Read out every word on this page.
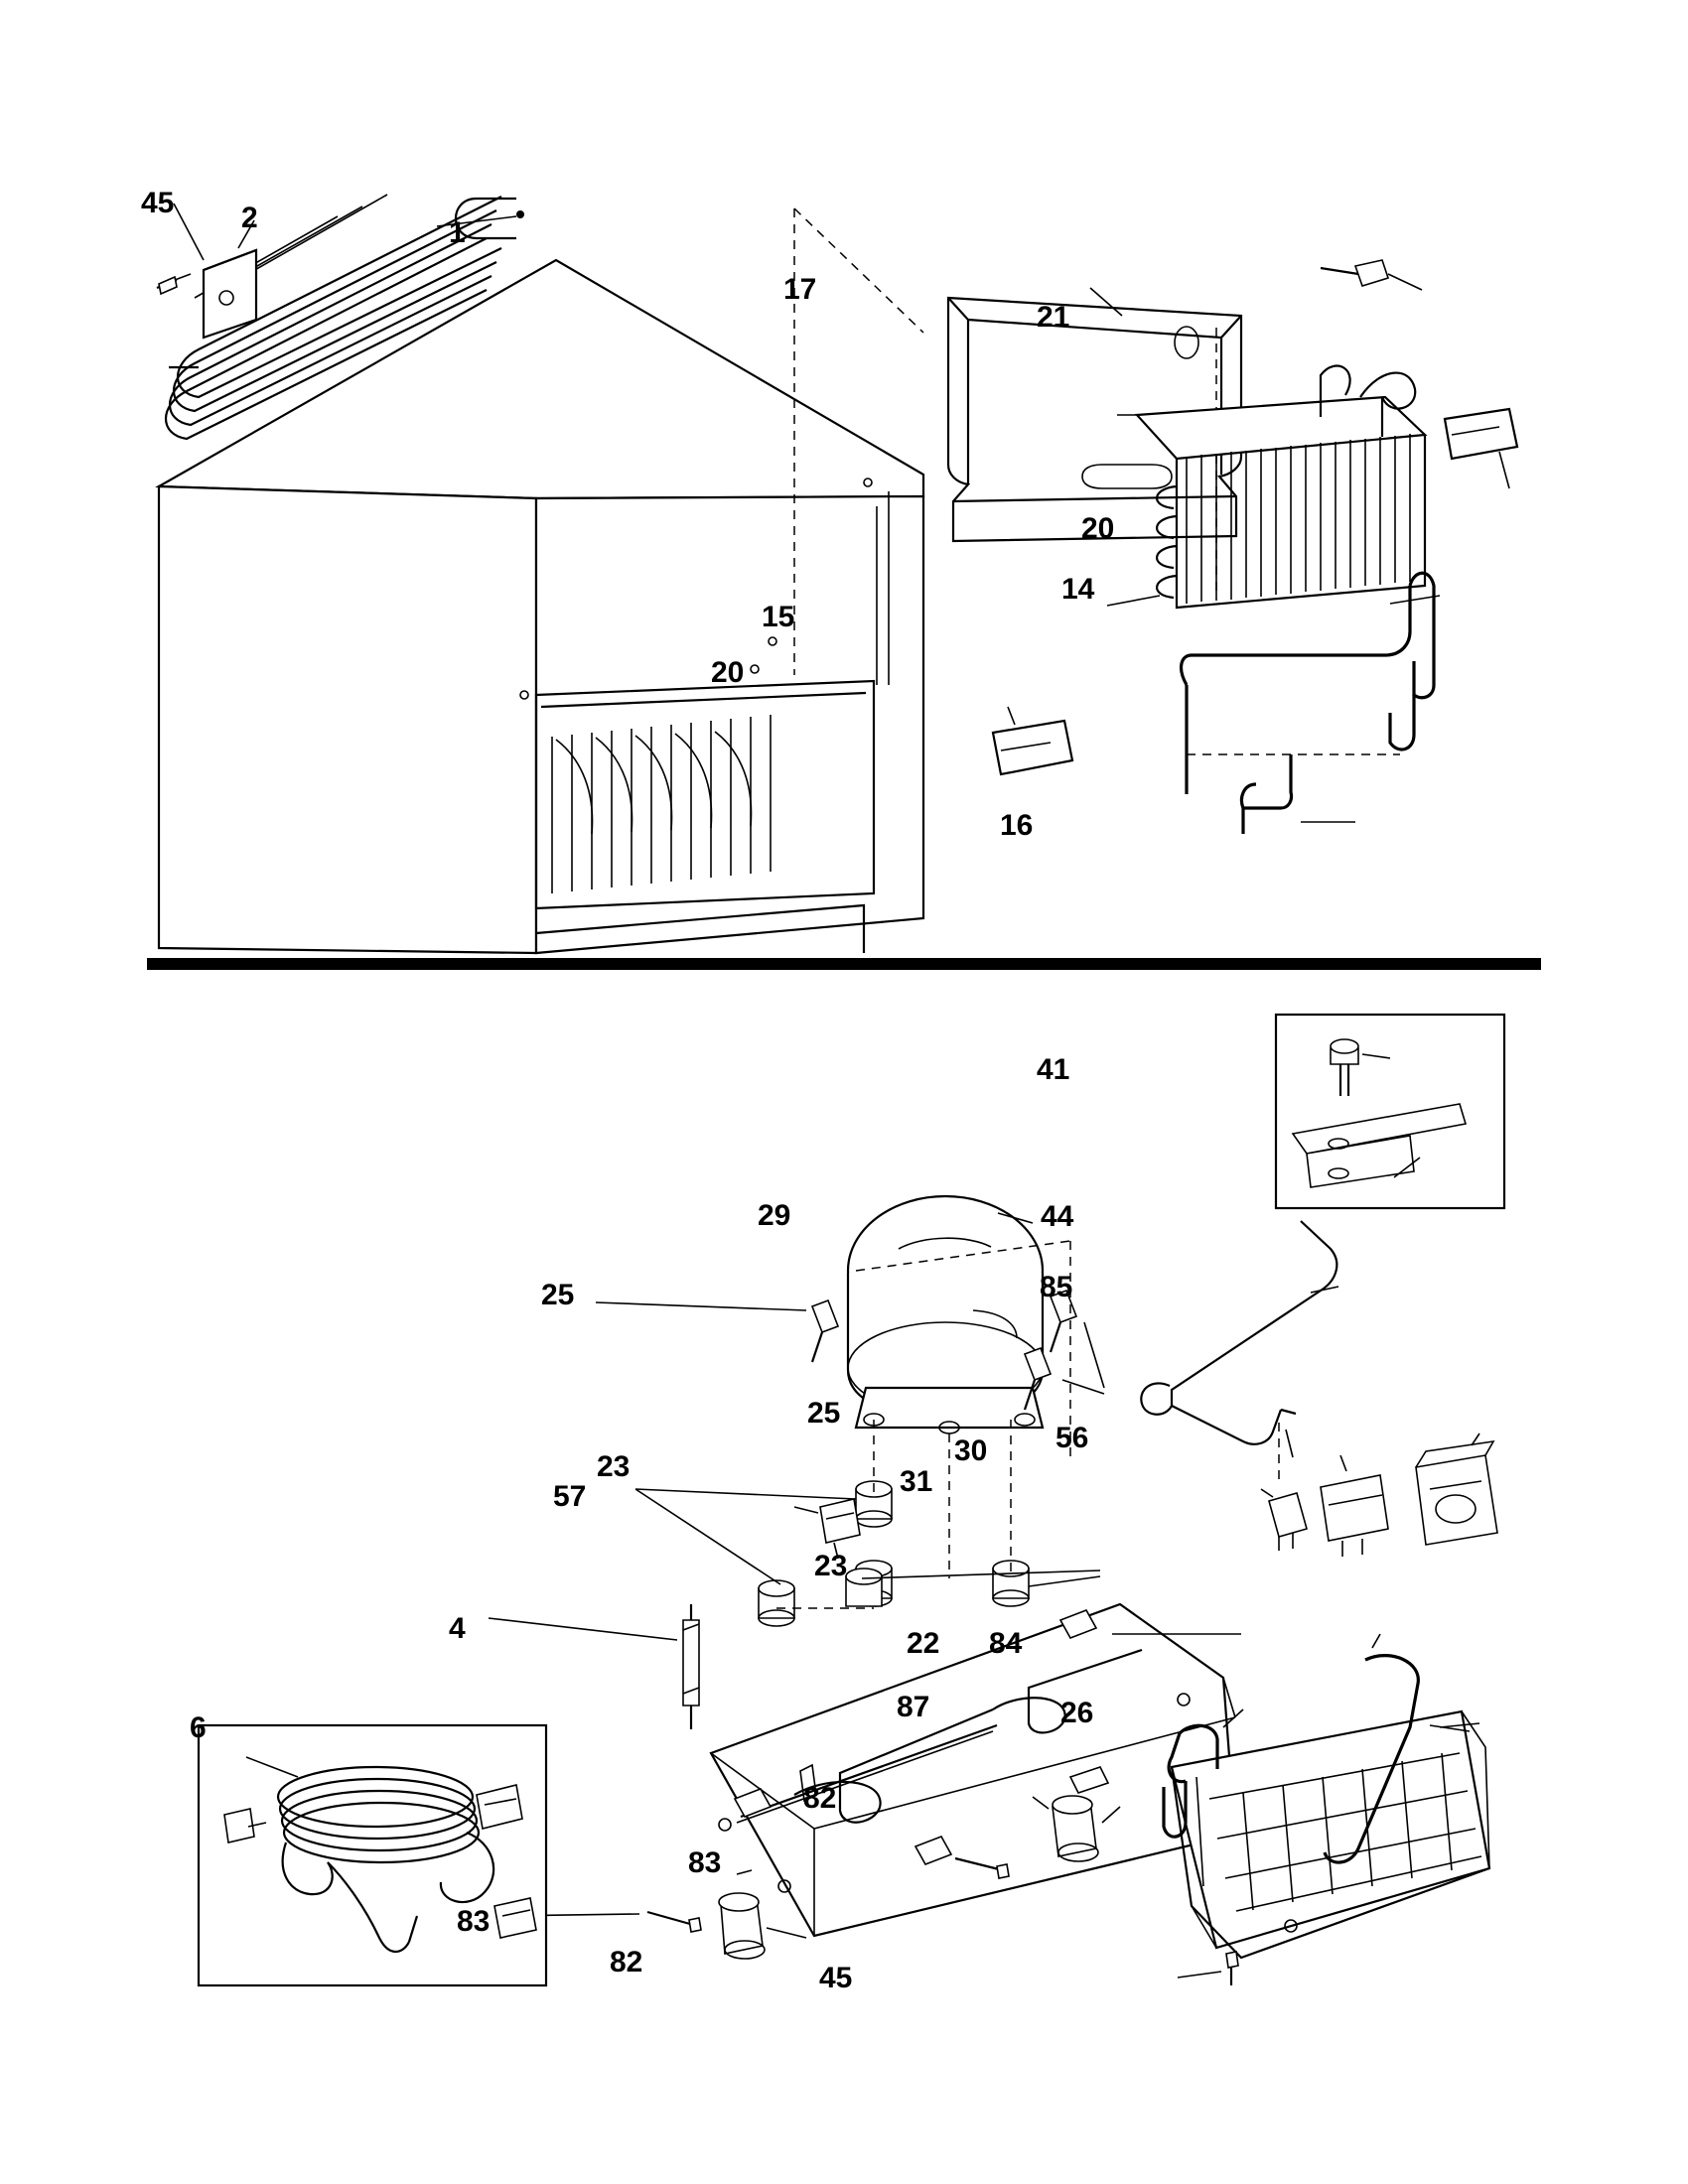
45 2	1
17
21
20
15
14
20
16
41
44
29
25	85
25
56
30
23	31
57
23
4	22 84
87	26
6
82
83
83
82	45
